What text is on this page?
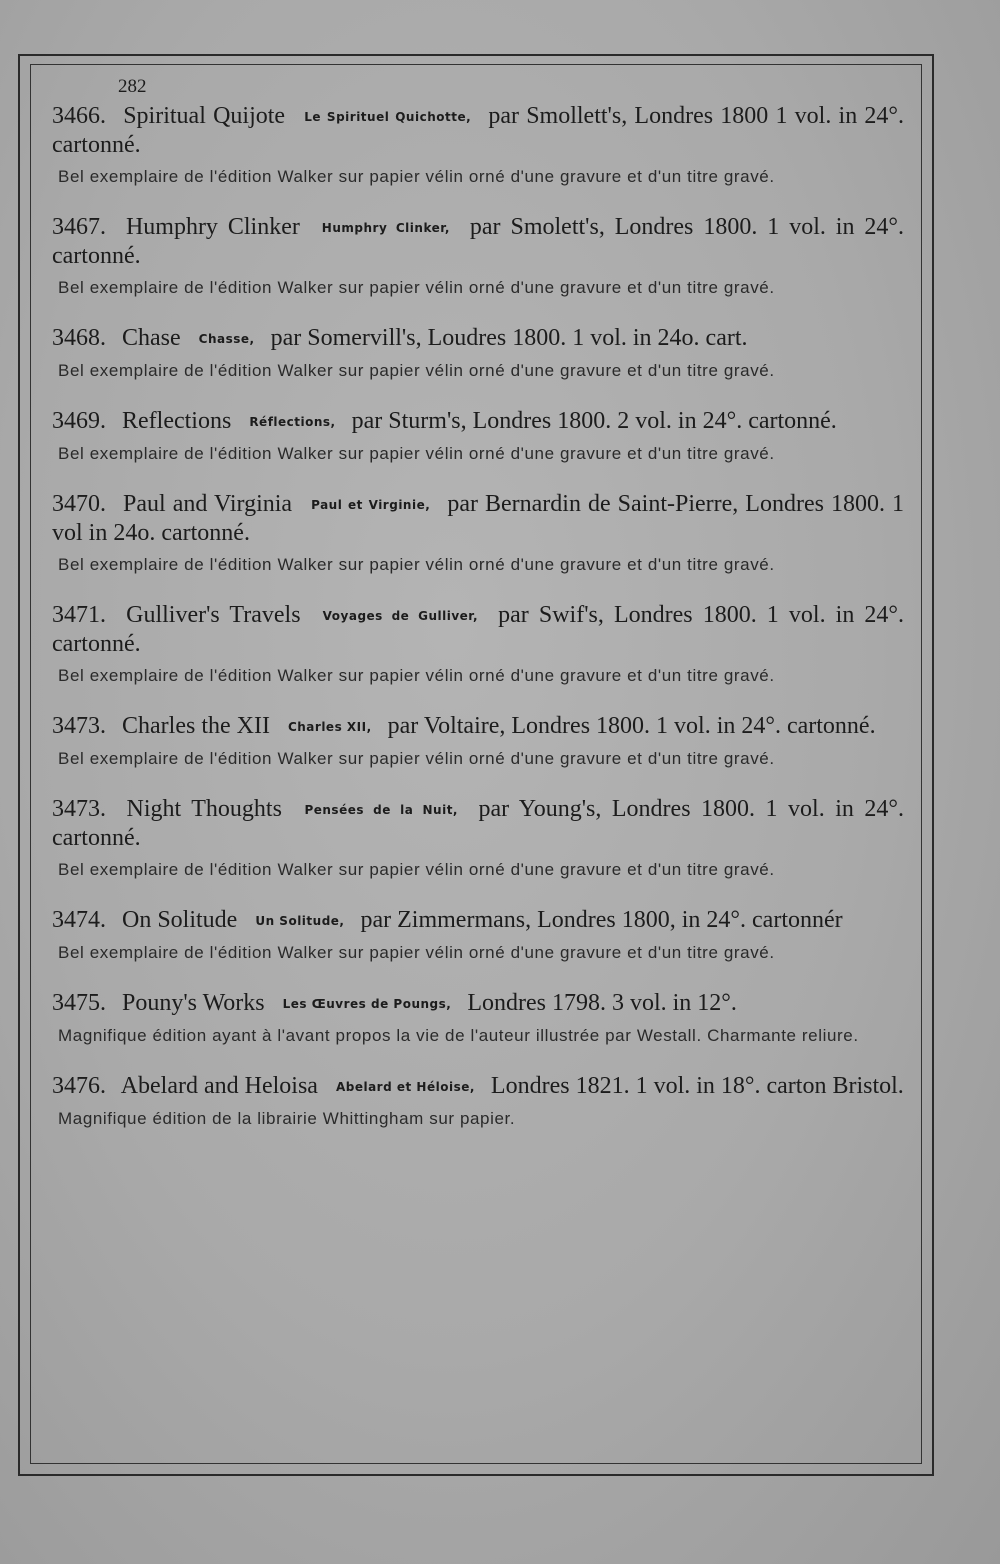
282
3466. Spiritual Quijote Le Spirituel Quichotte, par Smollett's, Londres 1800 1 vol. in 24°. cartonné.
Bel exemplaire de l'édition Walker sur papier vélin orné d'une gravure et d'un titre gravé.
3467. Humphry Clinker Humphry Clinker, par Smolett's, Londres 1800. 1 vol. in 24°. cartonné.
Bel exemplaire de l'édition Walker sur papier vélin orné d'une gravure et d'un titre gravé.
3468. Chase Chasse, par Somervill's, Loudres 1800. 1 vol. in 24o. cart.
Bel exemplaire de l'édition Walker sur papier vélin orné d'une gravure et d'un titre gravé.
3469. Reflections Réflections, par Sturm's, Londres 1800. 2 vol. in 24°. cartonné.
Bel exemplaire de l'édition Walker sur papier vélin orné d'une gravure et d'un titre gravé.
3470. Paul and Virginia Paul et Virginie, par Bernardin de Saint-Pierre, Londres 1800. 1 vol in 24o. cartonné.
Bel exemplaire de l'édition Walker sur papier vélin orné d'une gravure et d'un titre gravé.
3471. Gulliver's Travels Voyages de Gulliver, par Swif's, Londres 1800. 1 vol. in 24°. cartonné.
Bel exemplaire de l'édition Walker sur papier vélin orné d'une gravure et d'un titre gravé.
3473. Charles the XII Charles XII, par Voltaire, Londres 1800. 1 vol. in 24°. cartonné.
Bel exemplaire de l'édition Walker sur papier vélin orné d'une gravure et d'un titre gravé.
3473. Night Thoughts Pensées de la Nuit, par Young's, Londres 1800. 1 vol. in 24°. cartonné.
Bel exemplaire de l'édition Walker sur papier vélin orné d'une gravure et d'un titre gravé.
3474. On Solitude Un Solitude, par Zimmermans, Londres 1800, in 24°. cartonnér
Bel exemplaire de l'édition Walker sur papier vélin orné d'une gravure et d'un titre gravé.
3475. Pouny's Works Les Œuvres de Poungs, Londres 1798. 3 vol. in 12°.
Magnifique édition ayant à l'avant propos la vie de l'auteur illustrée par Westall. Charmante reliure.
3476. Abelard and Heloisa Abelard et Héloise, Londres 1821. 1 vol. in 18°. carton Bristol.
Magnifique édition de la librairie Whittingham sur papier.
